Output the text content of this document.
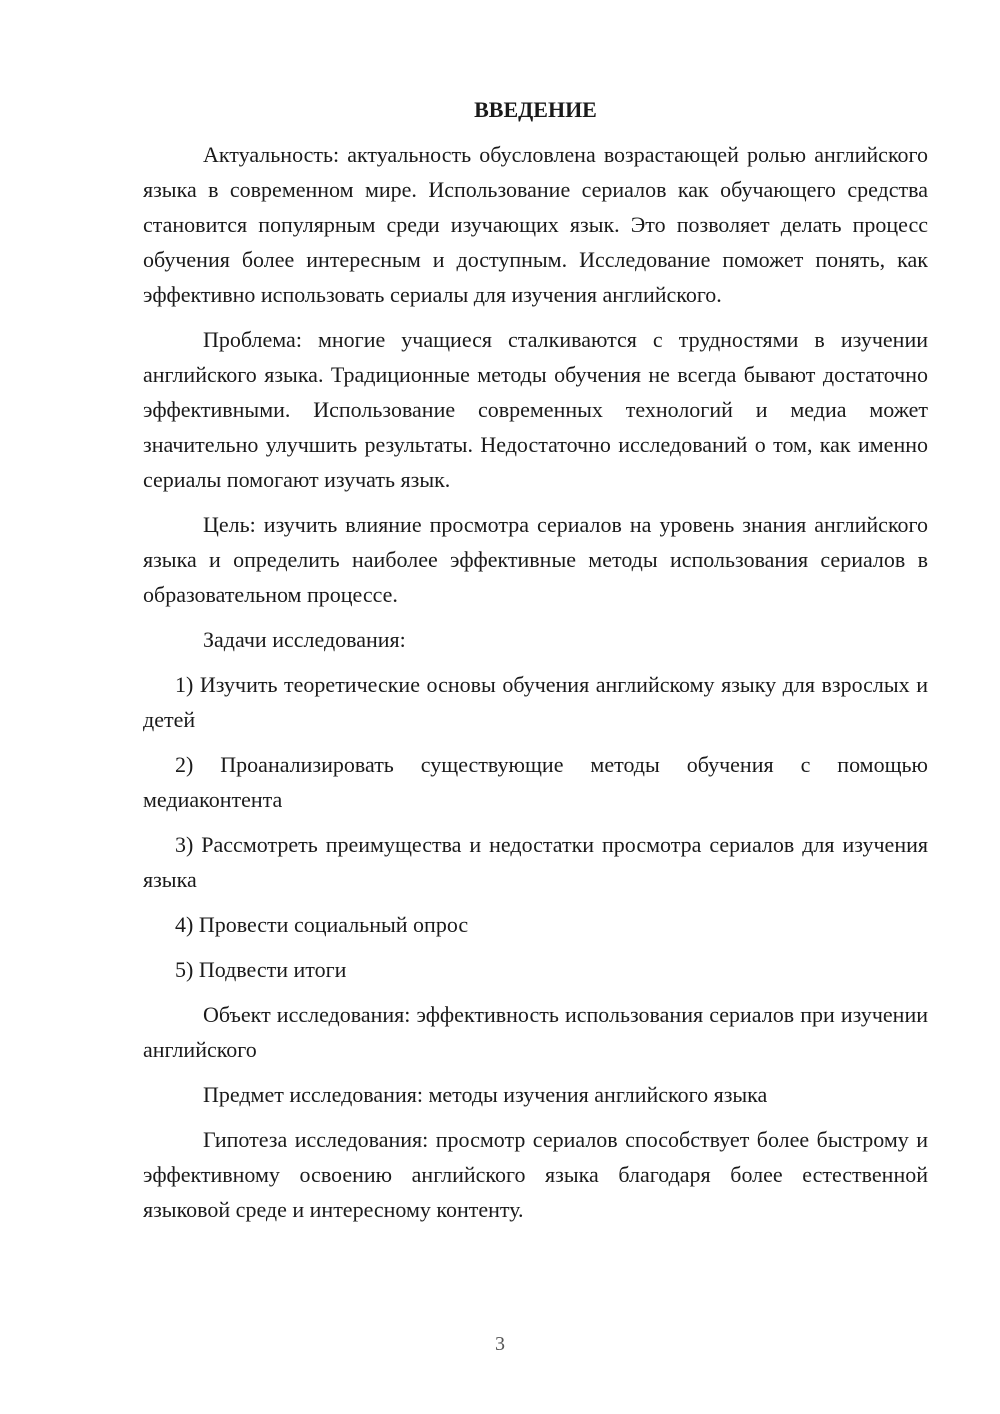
ВВЕДЕНИЕ

Актуальность: актуальность обусловлена возрастающей ролью английского языка в современном мире. Использование сериалов как обучающего средства становится популярным среди изучающих язык. Это позволяет делать процесс обучения более интересным и доступным. Исследование поможет понять, как эффективно использовать сериалы для изучения английского.

Проблема: многие учащиеся сталкиваются с трудностями в изучении английского языка. Традиционные методы обучения не всегда бывают достаточно эффективными. Использование современных технологий и медиа может значительно улучшить результаты. Недостаточно исследований о том, как именно сериалы помогают изучать язык.

Цель: изучить влияние просмотра сериалов на уровень знания английского языка и определить наиболее эффективные методы использования сериалов в образовательном процессе.

Задачи исследования:

1) Изучить теоретические основы обучения английскому языку для взрослых и детей

2) Проанализировать существующие методы обучения с помощью медиаконтента

3) Рассмотреть преимущества и недостатки просмотра сериалов для изучения языка

4) Провести социальный опрос

5) Подвести итоги

Объект исследования: эффективность использования сериалов при изучении английского

Предмет исследования: методы изучения английского языка

Гипотеза исследования: просмотр сериалов способствует более быстрому и эффективному освоению английского языка благодаря более естественной языковой среде и интересному контенту.

3
